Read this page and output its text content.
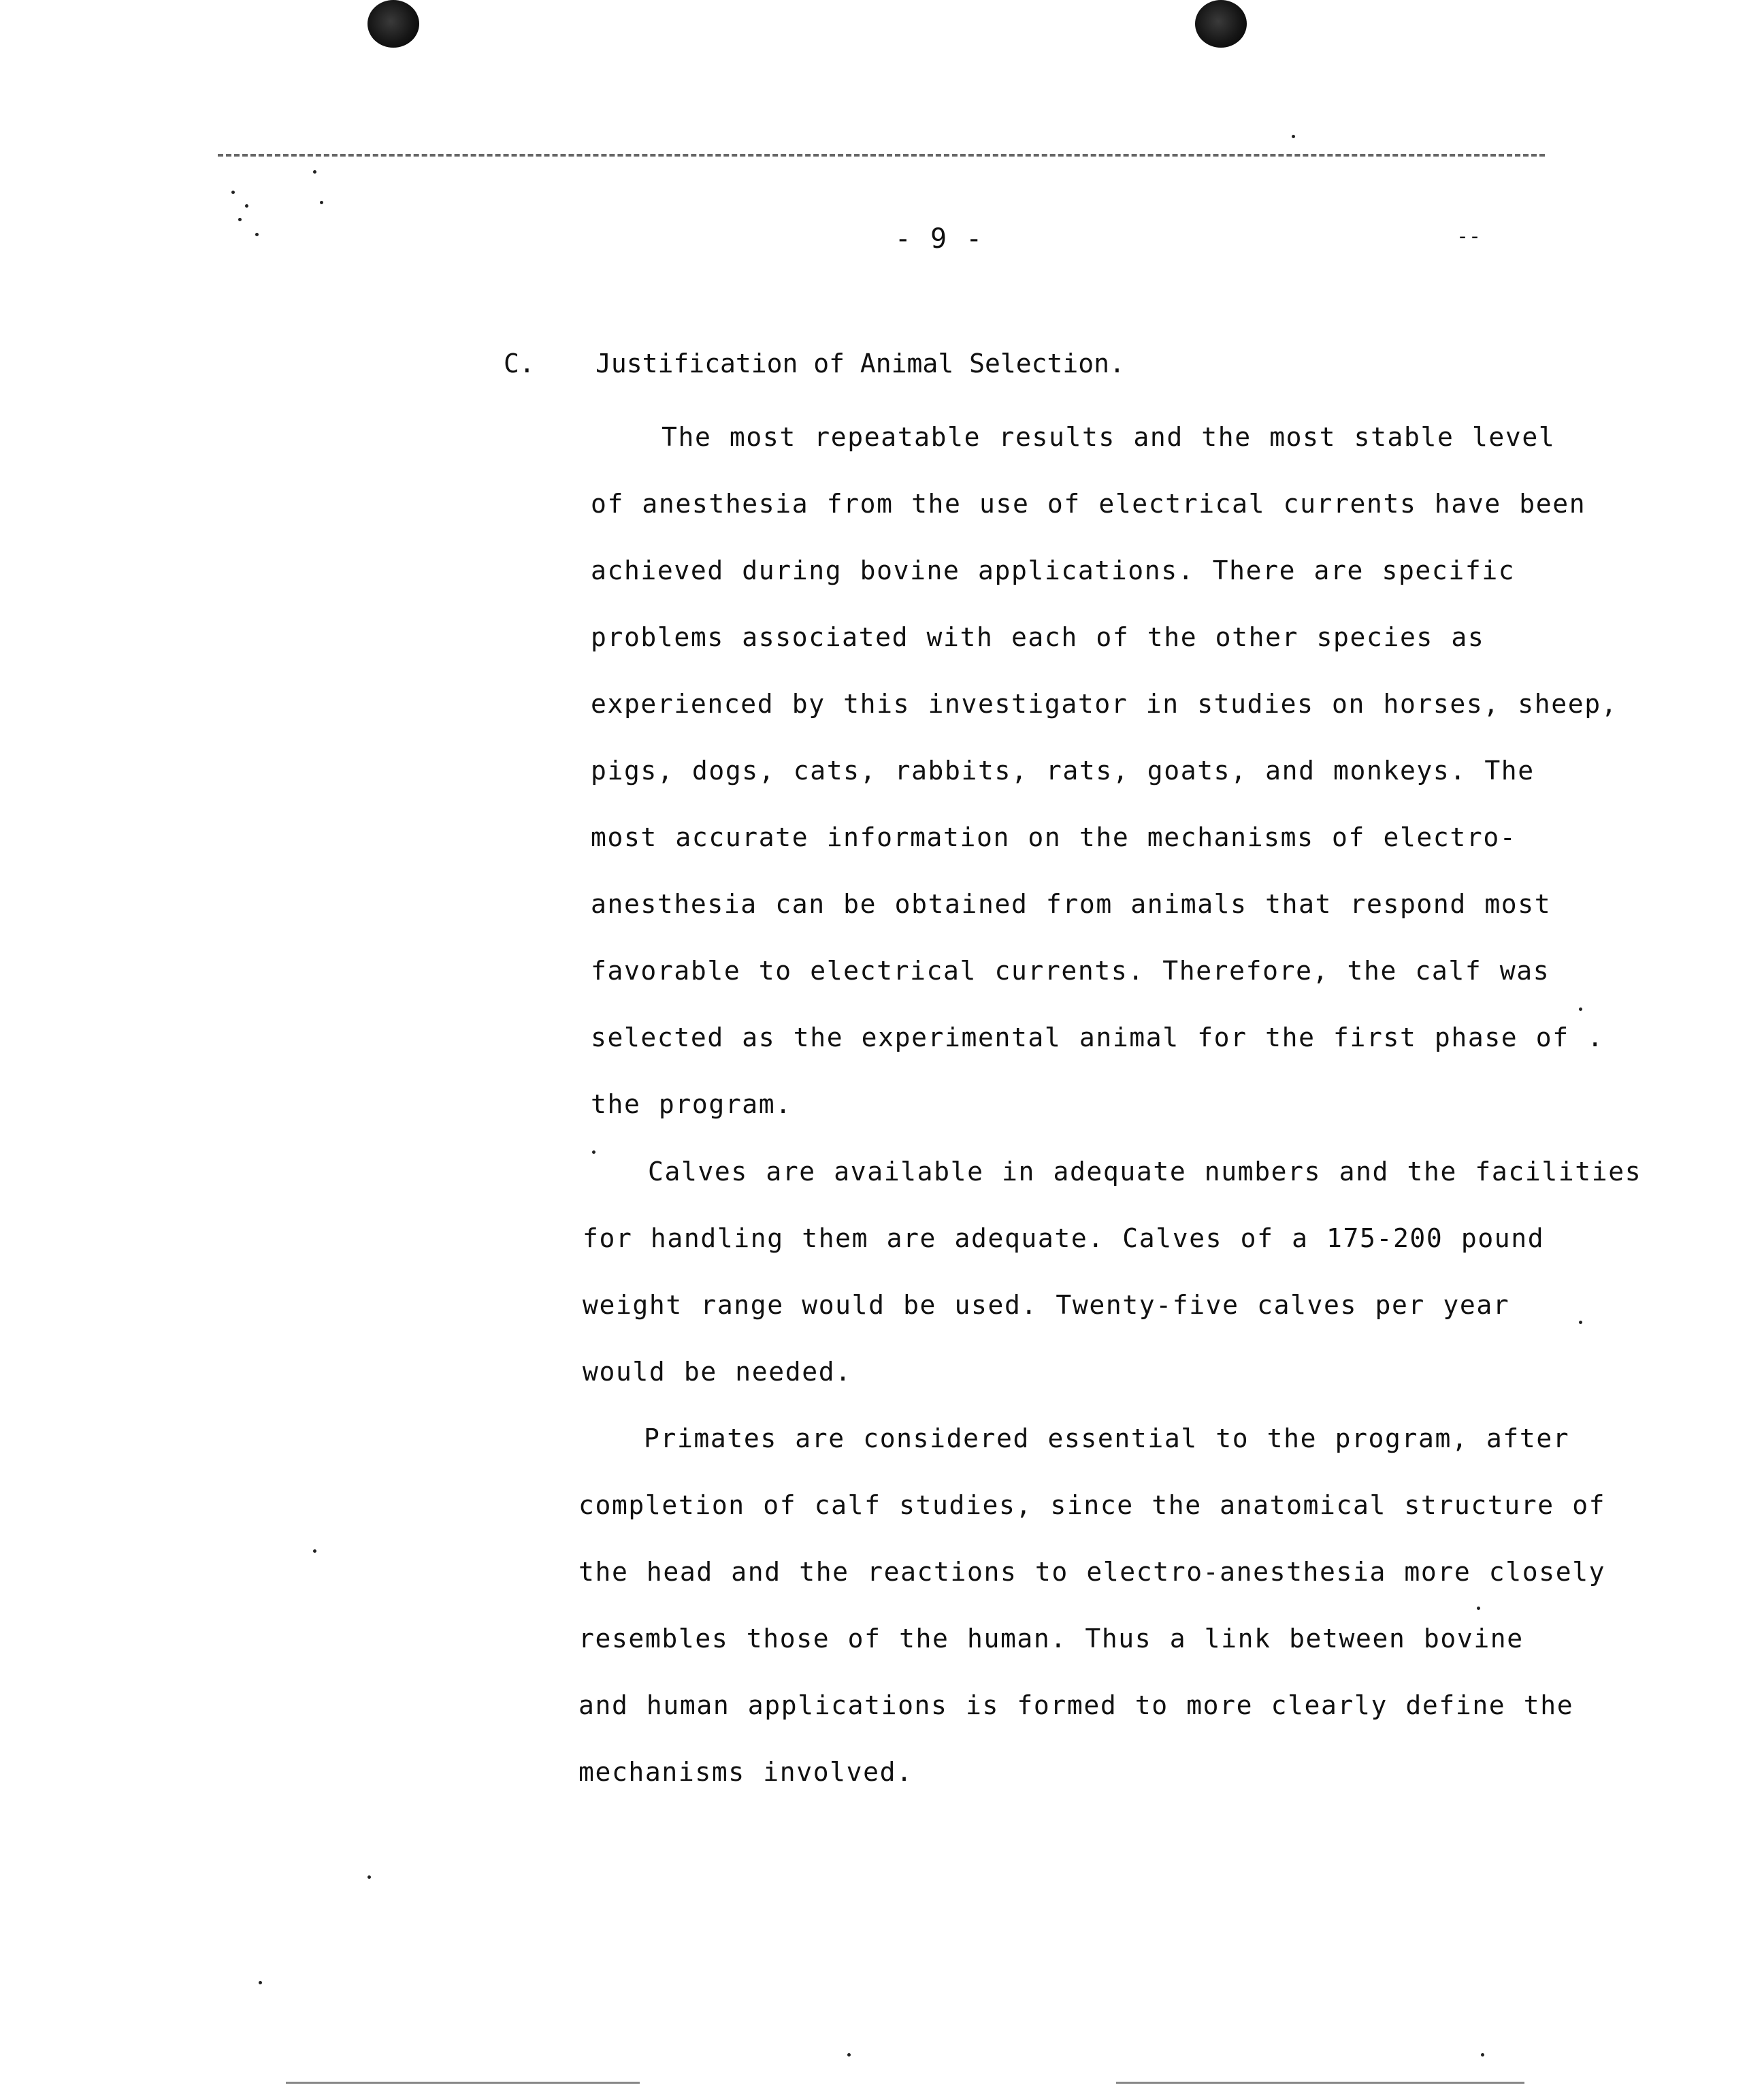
- 9 -	--
C.	Justification of Animal Selection.
The most repeatable results and the most stable level
of anesthesia from the use of electrical currents have been
achieved during bovine applications. There are specific
problems associated with each of the other species as
experienced by this investigator in studies on horses, sheep,
pigs, dogs, cats, rabbits, rats, goats, and monkeys. The
most accurate information on the mechanisms of electro-
anesthesia can be obtained from animals that respond most
favorable to electrical currents. Therefore, the calf was
selected as the experimental animal for the first phase of .
the program.
Calves are available in adequate numbers and the facilities
for handling them are adequate. Calves of a 175-200 pound
weight range would be used. Twenty-five calves per year
would be needed.
Primates are considered essential to the program, after
completion of calf studies, since the anatomical structure of
the head and the reactions to electro-anesthesia more closely
resembles those of the human. Thus a link between bovine
and human applications is formed to more clearly define the
mechanisms involved.
